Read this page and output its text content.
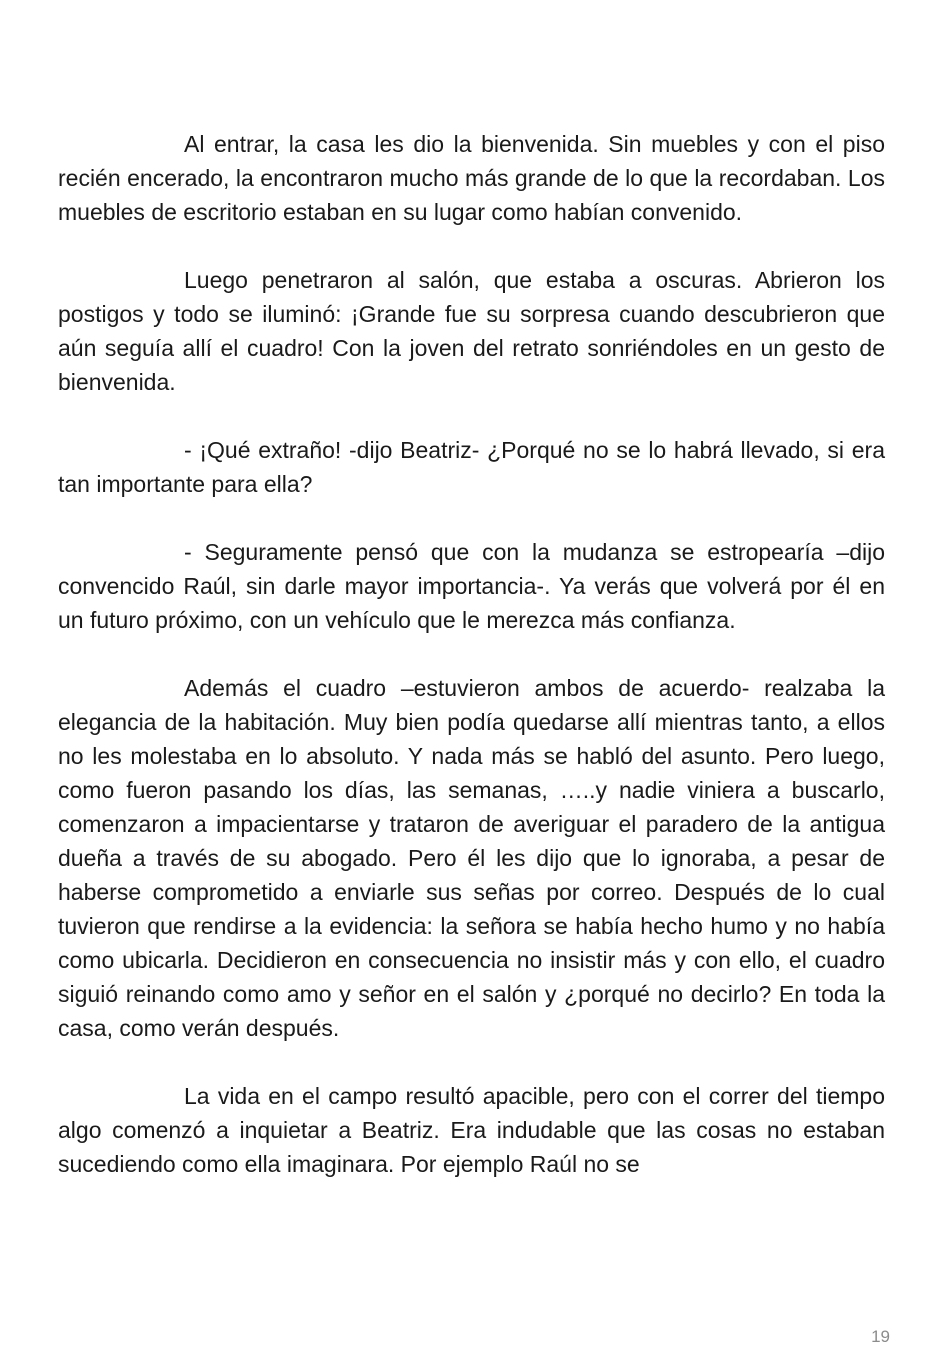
Al entrar, la casa les dio la bienvenida. Sin muebles y con el piso recién encerado, la encontraron mucho más grande de lo que la recordaban. Los muebles de escritorio estaban en su lugar como habían convenido.

Luego penetraron al salón, que estaba a oscuras. Abrieron los postigos y todo se iluminó: ¡Grande fue su sorpresa cuando descubrieron que aún seguía allí el cuadro! Con la joven del retrato sonriéndoles en un gesto de bienvenida.

- ¡Qué extraño! -dijo Beatriz- ¿Porqué no se lo habrá llevado, si era tan importante para ella?

- Seguramente pensó que con la mudanza se estropearía –dijo convencido Raúl, sin darle mayor importancia-. Ya verás que volverá por él en un futuro próximo, con un vehículo que le merezca más confianza.

Además el cuadro –estuvieron ambos de acuerdo- realzaba la elegancia de la habitación. Muy bien podía quedarse allí mientras tanto, a ellos no les molestaba en lo absoluto. Y nada más se habló del asunto. Pero luego, como fueron pasando los días, las semanas, …..y nadie viniera a buscarlo, comenzaron a impacientarse y trataron de averiguar el paradero de la antigua dueña a través de su abogado. Pero él les dijo que lo ignoraba, a pesar de haberse comprometido a enviarle sus señas por correo. Después de lo cual tuvieron que rendirse a la evidencia: la señora se había hecho humo y no había como ubicarla. Decidieron en consecuencia no insistir más y con ello, el cuadro siguió reinando como amo y señor en el salón y ¿porqué no decirlo? En toda la casa, como verán después.

La vida en el campo resultó apacible, pero con el correr del tiempo algo comenzó a inquietar a Beatriz. Era indudable que las cosas no estaban sucediendo como ella imaginara. Por ejemplo Raúl no se

19
